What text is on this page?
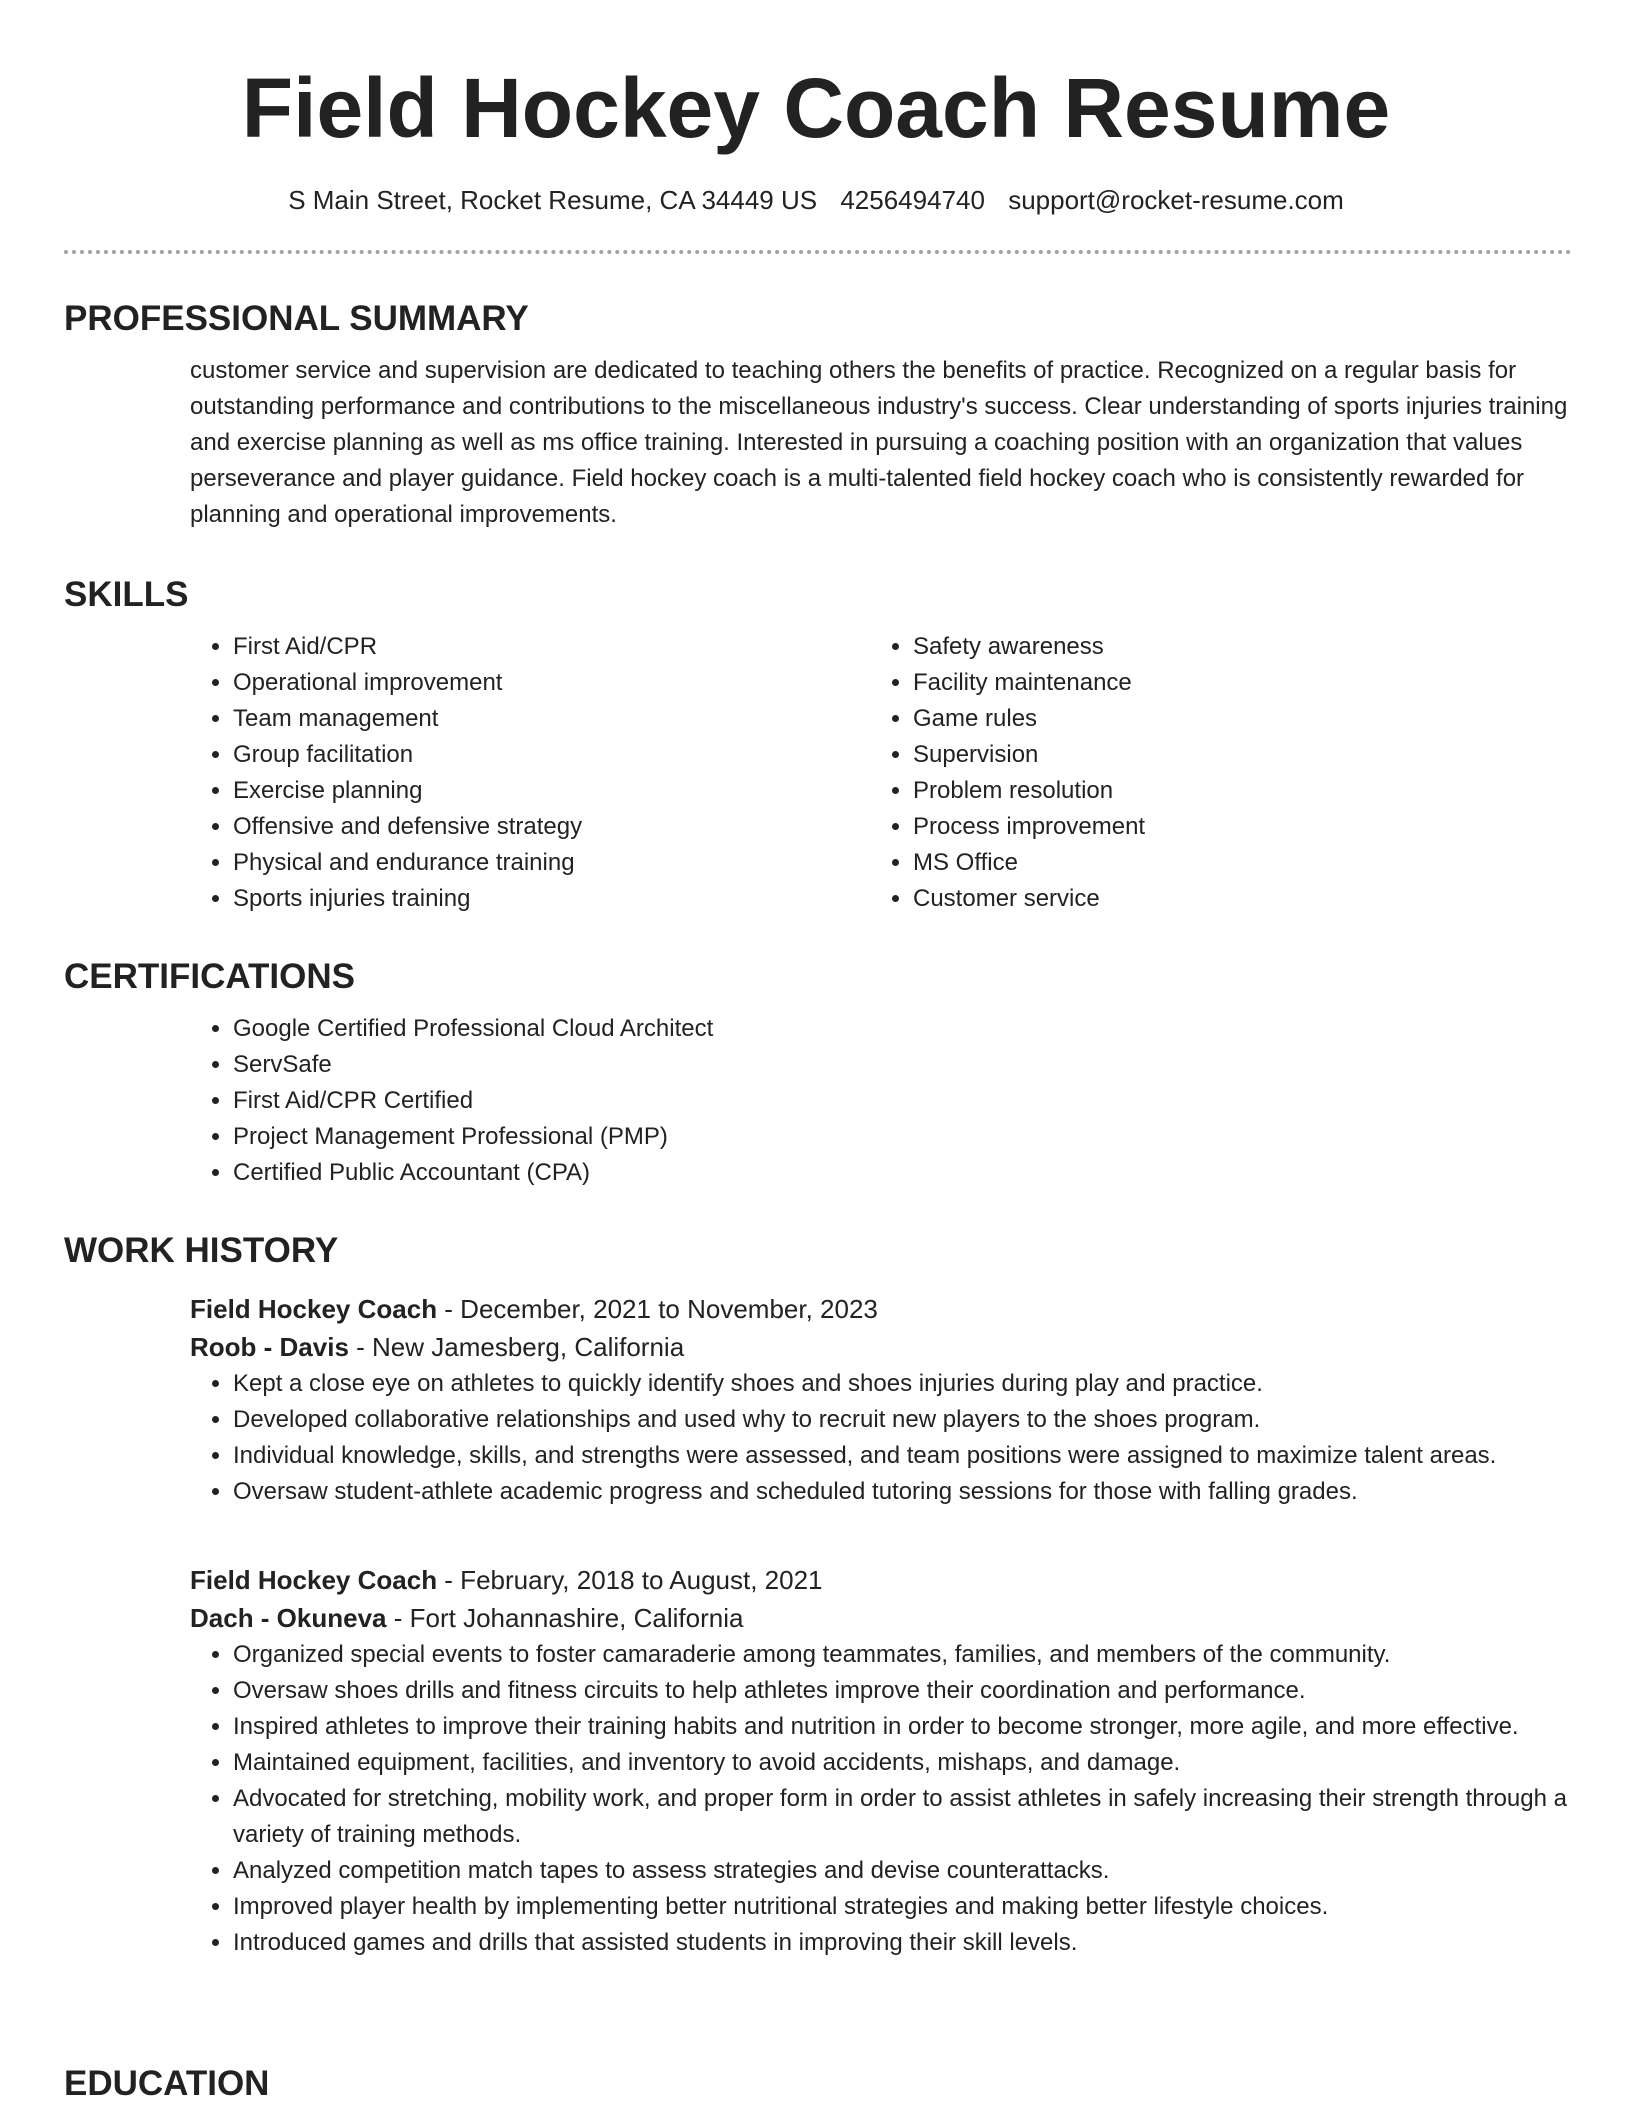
Field Hockey Coach Resume
S Main Street, Rocket Resume, CA 34449 US 4256494740 support@rocket-resume.com
PROFESSIONAL SUMMARY
customer service and supervision are dedicated to teaching others the benefits of practice. Recognized on a regular basis for outstanding performance and contributions to the miscellaneous industry's success. Clear understanding of sports injuries training and exercise planning as well as ms office training. Interested in pursuing a coaching position with an organization that values perseverance and player guidance. Field hockey coach is a multi-talented field hockey coach who is consistently rewarded for planning and operational improvements.
SKILLS
• First Aid/CPR
• Operational improvement
• Team management
• Group facilitation
• Exercise planning
• Offensive and defensive strategy
• Physical and endurance training
• Sports injuries training
• Safety awareness
• Facility maintenance
• Game rules
• Supervision
• Problem resolution
• Process improvement
• MS Office
• Customer service
CERTIFICATIONS
• Google Certified Professional Cloud Architect
• ServSafe
• First Aid/CPR Certified
• Project Management Professional (PMP)
• Certified Public Accountant (CPA)
WORK HISTORY
Field Hockey Coach - December, 2021 to November, 2023
Roob - Davis - New Jamesberg, California
• Kept a close eye on athletes to quickly identify shoes and shoes injuries during play and practice.
• Developed collaborative relationships and used why to recruit new players to the shoes program.
• Individual knowledge, skills, and strengths were assessed, and team positions were assigned to maximize talent areas.
• Oversaw student-athlete academic progress and scheduled tutoring sessions for those with falling grades.
Field Hockey Coach - February, 2018 to August, 2021
Dach - Okuneva - Fort Johannashire, California
• Organized special events to foster camaraderie among teammates, families, and members of the community.
• Oversaw shoes drills and fitness circuits to help athletes improve their coordination and performance.
• Inspired athletes to improve their training habits and nutrition in order to become stronger, more agile, and more effective.
• Maintained equipment, facilities, and inventory to avoid accidents, mishaps, and damage.
• Advocated for stretching, mobility work, and proper form in order to assist athletes in safely increasing their strength through a variety of training methods.
• Analyzed competition match tapes to assess strategies and devise counterattacks.
• Improved player health by implementing better nutritional strategies and making better lifestyle choices.
• Introduced games and drills that assisted students in improving their skill levels.
EDUCATION
